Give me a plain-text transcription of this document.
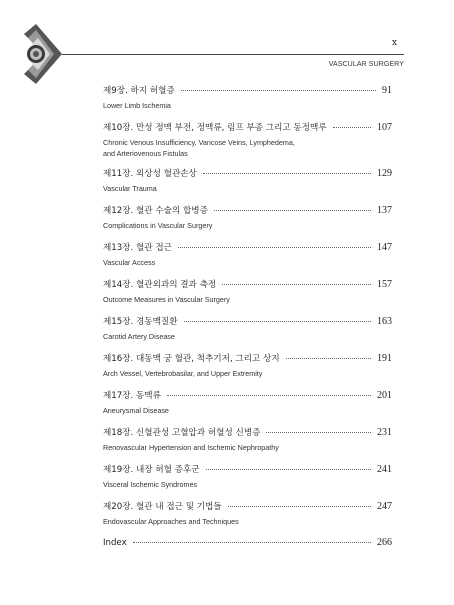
x
VASCULAR SURGERY
제9장. 하지 허혈증	91
Lower Limb Ischemia
제10장. 만성 정맥 부전, 정맥류, 림프 부종 그리고 동정맥루	107
Chronic Venous Insufficiency, Varicose Veins, Lymphedema,
and Arteriovenous Fistulas
제11장. 외상성 혈관손상	129
Vascular Trauma
제12장. 혈관 수술의 합병증	137
Complications in Vascular Surgery
제13장. 혈관 접근	147
Vascular Access
제14장. 혈관외과의 결과 측정	157
Outcome Measures in Vascular Surgery
제15장. 경동맥질환	163
Carotid Artery Disease
제16장. 대동맥 궁 혈관, 척추기저, 그리고 상지	191
Arch Vessel, Vertebrobasilar, and Upper Extremity
제17장. 동맥류	201
Aneurysmal Disease
제18장. 신혈관성 고혈압과 허혈성 신병증	231
Renovascular Hypertension and Ischemic Nephropathy
제19장. 내장 허혈 증후군	241
Visceral Ischemic Syndromes
제20장. 혈관 내 접근 및 기법들	247
Endovascular Approaches and Techniques
Index	266
